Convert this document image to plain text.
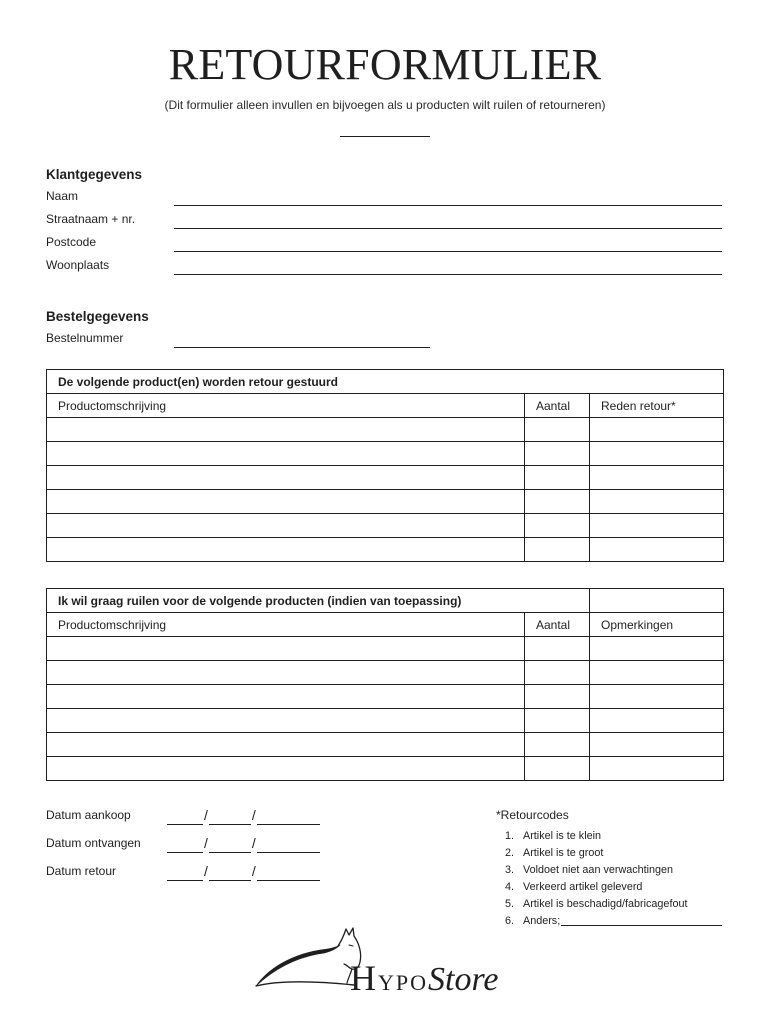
RETOURFORMULIER

(Dit formulier alleen invullen en bijvoegen als u producten wilt ruilen of retourneren)

Klantgegevens
Naam
Straatnaam + nr.
Postcode
Woonplaats
Bestelgegevens
Bestelnummer
De volgende product(en) worden retour gestuurd		
Productomschrijving	Aantal	Reden retour*

Ik wil graag ruilen voor de volgende producten (indien van toepassing)		
Productomschrijving	Aantal	Opmerkingen

Datum aankoop	/	/
Datum ontvangen	/	/
Datum retour	/	/
*Retourcodes
1. Artikel is te klein
2. Artikel is te groot
3. Voldoet niet aan verwachtingen
4. Verkeerd artikel geleverd
5. Artikel is beschadigd/fabricagefout
6. Anders;
HYPO Store
